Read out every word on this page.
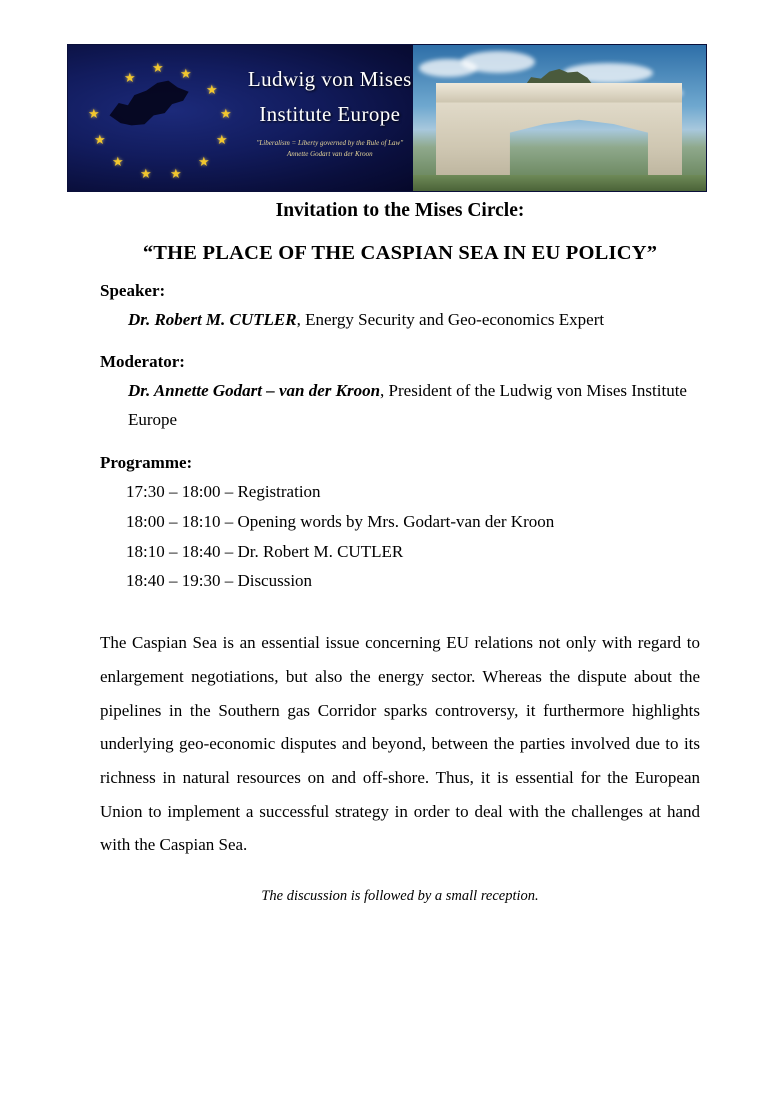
★
★
★
★ ★
★
★
★
★
★
★
★	Ludwig von Mises
Institute Europe
"Liberalism = Liberty governed by the Rule of Law"
Annette Godart van der Kroon
Invitation to the Mises Circle:
“THE PLACE OF THE CASPIAN SEA IN EU POLICY”
Speaker:
Dr. Robert M. CUTLER, Energy Security and Geo-economics Expert
Moderator:
Dr. Annette Godart – van der Kroon, President of the Ludwig von Mises Institute Europe
Programme:
17:30 – 18:00 – Registration
18:00 – 18:10 – Opening words by Mrs. Godart-van der Kroon
18:10 – 18:40 – Dr. Robert M. CUTLER
18:40 – 19:30 – Discussion

The Caspian Sea is an essential issue concerning EU relations not only with regard to enlargement negotiations, but also the energy sector. Whereas the dispute about the pipelines in the Southern gas Corridor sparks controversy, it furthermore highlights underlying geo-economic disputes and beyond, between the parties involved due to its richness in natural resources on and off-shore. Thus, it is essential for the European Union to implement a successful strategy in order to deal with the challenges at hand with the Caspian Sea.

The discussion is followed by a small reception.
